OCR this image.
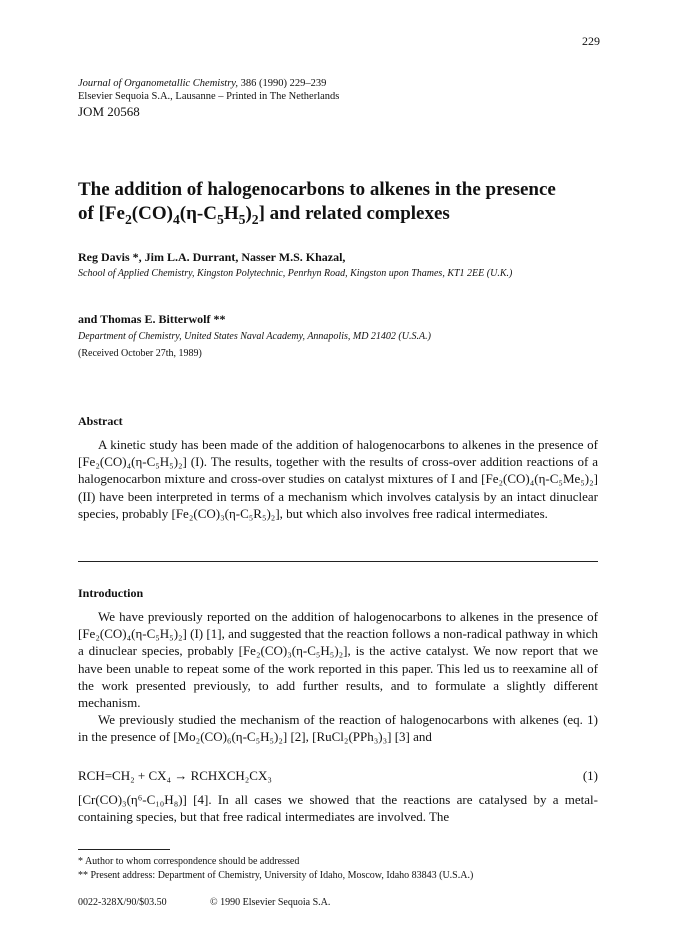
229
Journal of Organometallic Chemistry, 386 (1990) 229–239
Elsevier Sequoia S.A., Lausanne – Printed in The Netherlands
JOM 20568
The addition of halogenocarbons to alkenes in the presence
of $[Fe_2(CO)_4(\eta-C_5H_5)_2]$ and related complexes
Reg Davis *, Jim L.A. Durrant, Nasser M.S. Khazal,
School of Applied Chemistry, Kingston Polytechnic, Penrhyn Road, Kingston upon Thames, KT1 2EE (U.K.)
and Thomas E. Bitterwolf **
Department of Chemistry, United States Naval Academy, Annapolis, MD 21402 (U.S.A.)
(Received October 27th, 1989)
Abstract

A kinetic study has been made of the addition of halogenocarbons to alkenes in the presence of [Fe₂(CO)₄(η-C₅H₅)₂] (I). The results, together with the results of cross-over addition reactions of a halogenocarbon mixture and cross-over studies on catalyst mixtures of I and [Fe₂(CO)₄(η-C₅Me₅)₂] (II) have been interpreted in terms of a mechanism which involves catalysis by an intact dinuclear species, probably [Fe₂(CO)₃(η-C₅R₅)₂], but which also involves free radical intermediates.

Introduction

We have previously reported on the addition of halogenocarbons to alkenes in the presence of [Fe₂(CO)₄(η-C₅H₅)₂] (I) [1], and suggested that the reaction follows a non-radical pathway in which a dinuclear species, probably [Fe₂(CO)₃(η-C₅H₅)₂], is the active catalyst. We now report that we have been unable to repeat some of the work reported in this paper. This led us to reexamine all of the work presented previously, to add further results, and to formulate a slightly different mechanism.

We previously studied the mechanism of the reaction of halogenocarbons with alkenes (eq. 1) in the presence of [Mo₂(CO)₆(η-C₅H₅)₂] [2], [RuCl₂(PPh₃)₃] [3] and

RCH=CH₂ + CX₄ → RCHXCH₂CX₃	(1)

[Cr(CO)₃(η⁶-C₁₀H₈)] [4]. In all cases we showed that the reactions are catalysed by a metal-containing species, but that free radical intermediates are involved. The

* Author to whom correspondence should be addressed
** Present address: Department of Chemistry, University of Idaho, Moscow, Idaho 83843 (U.S.A.)
0022-328X/90/$03.50	© 1990 Elsevier Sequoia S.A.
